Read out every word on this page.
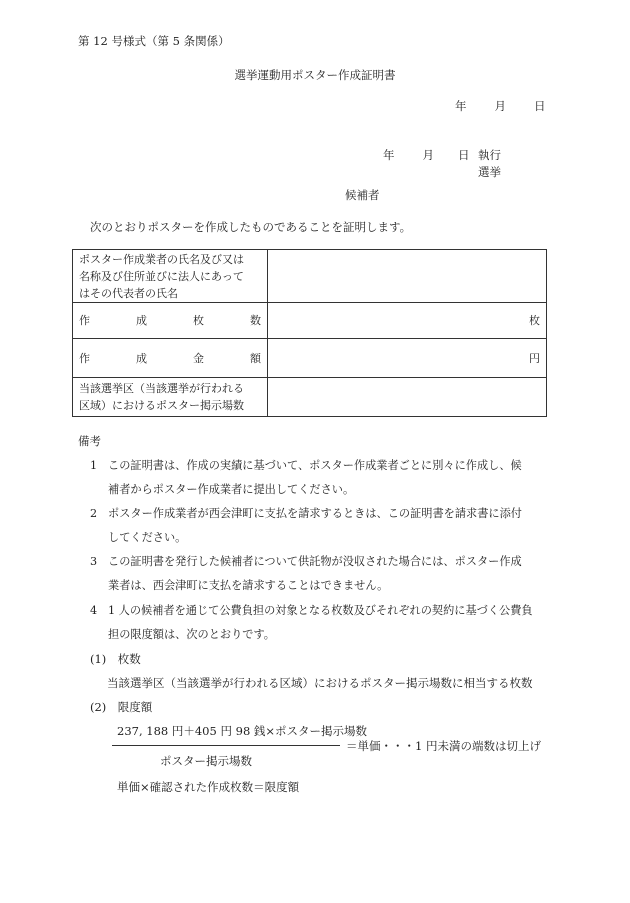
第 12 号様式（第 5 条関係）
選挙運動用ポスター作成証明書
年 月 日
年 月 日 執行
選挙
候補者
次のとおりポスターを作成したものであることを証明します。
ポスター作成業者の氏名及び又は
名称及び住所並びに法人にあって
はその代表者の氏名	

作 成 枚 数	枚

作 成 金 額	円

当該選挙区（当該選挙が行われる
区域）におけるポスター掲示場数	

備考
1 この証明書は、作成の実績に基づいて、ポスター作成業者ごとに別々に作成し、候
補者からポスター作成業者に提出してください。
2 ポスター作成業者が西会津町に支払を請求するときは、この証明書を請求書に添付
してください。
3 この証明書を発行した候補者について供託物が没収された場合には、ポスター作成
業者は、西会津町に支払を請求することはできません。
4 1 人の候補者を通じて公費負担の対象となる枚数及びそれぞれの契約に基づく公費負
担の限度額は、次のとおりです。
(1)　枚数
当該選挙区（当該選挙が行われる区域）におけるポスター掲示場数に相当する枚数
(2)　限度額
237, 188 円＋405 円 98 銭×ポスター掲示場数
＝単価・・・1 円未満の端数は切上げ
ポスター掲示場数
単価×確認された作成枚数＝限度額
